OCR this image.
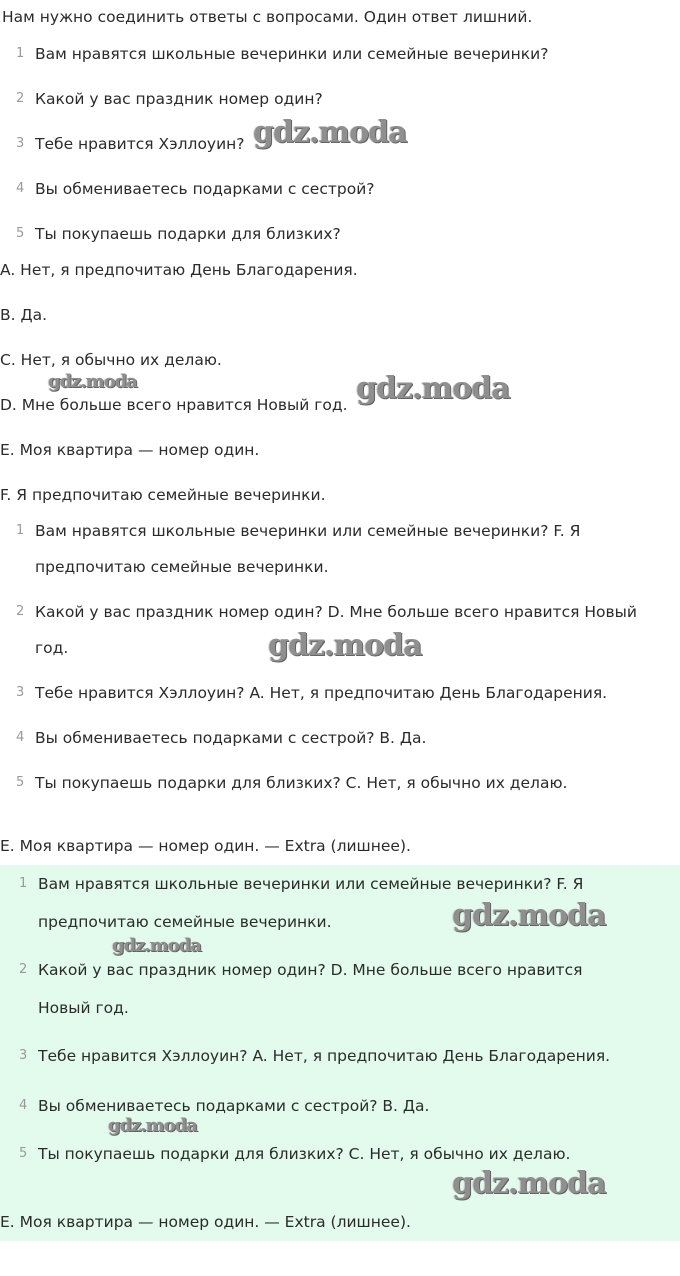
Нам нужно соединить ответы с вопросами. Один ответ лишний.

1 Вам нравятся школьные вечеринки или семейные вечеринки?
2 Какой у вас праздник номер один?
3 Тебе нравится Хэллоуин?
4 Вы обмениваетесь подарками с сестрой?
5 Ты покупаешь подарки для близких?

A. Нет, я предпочитаю День Благодарения.

B. Да.

C. Нет, я обычно их делаю.

D. Мне больше всего нравится Новый год.

E. Моя квартира — номер один.

F. Я предпочитаю семейные вечеринки.

1 Вам нравятся школьные вечеринки или семейные вечеринки? F. Я
предпочитаю семейные вечеринки.
2 Какой у вас праздник номер один? D. Мне больше всего нравится Новый
год.
3 Тебе нравится Хэллоуин? A. Нет, я предпочитаю День Благодарения.
4 Вы обмениваетесь подарками с сестрой? B. Да.
5 Ты покупаешь подарки для близких? C. Нет, я обычно их делаю.

E. Моя квартира — номер один. — Extra (лишнее).

1 Вам нравятся школьные вечеринки или семейные вечеринки? F. Я
предпочитаю семейные вечеринки.
2 Какой у вас праздник номер один? D. Мне больше всего нравится
Новый год.
3 Тебе нравится Хэллоуин? A. Нет, я предпочитаю День Благодарения.
4 Вы обмениваетесь подарками с сестрой? B. Да.
5 Ты покупаешь подарки для близких? C. Нет, я обычно их делаю.

E. Моя квартира — номер один. — Extra (лишнее).

gdz.moda
gdz.moda	gdz.moda
gdz.moda
gdz.moda
gdz.moda
gdz.moda
gdz.moda
